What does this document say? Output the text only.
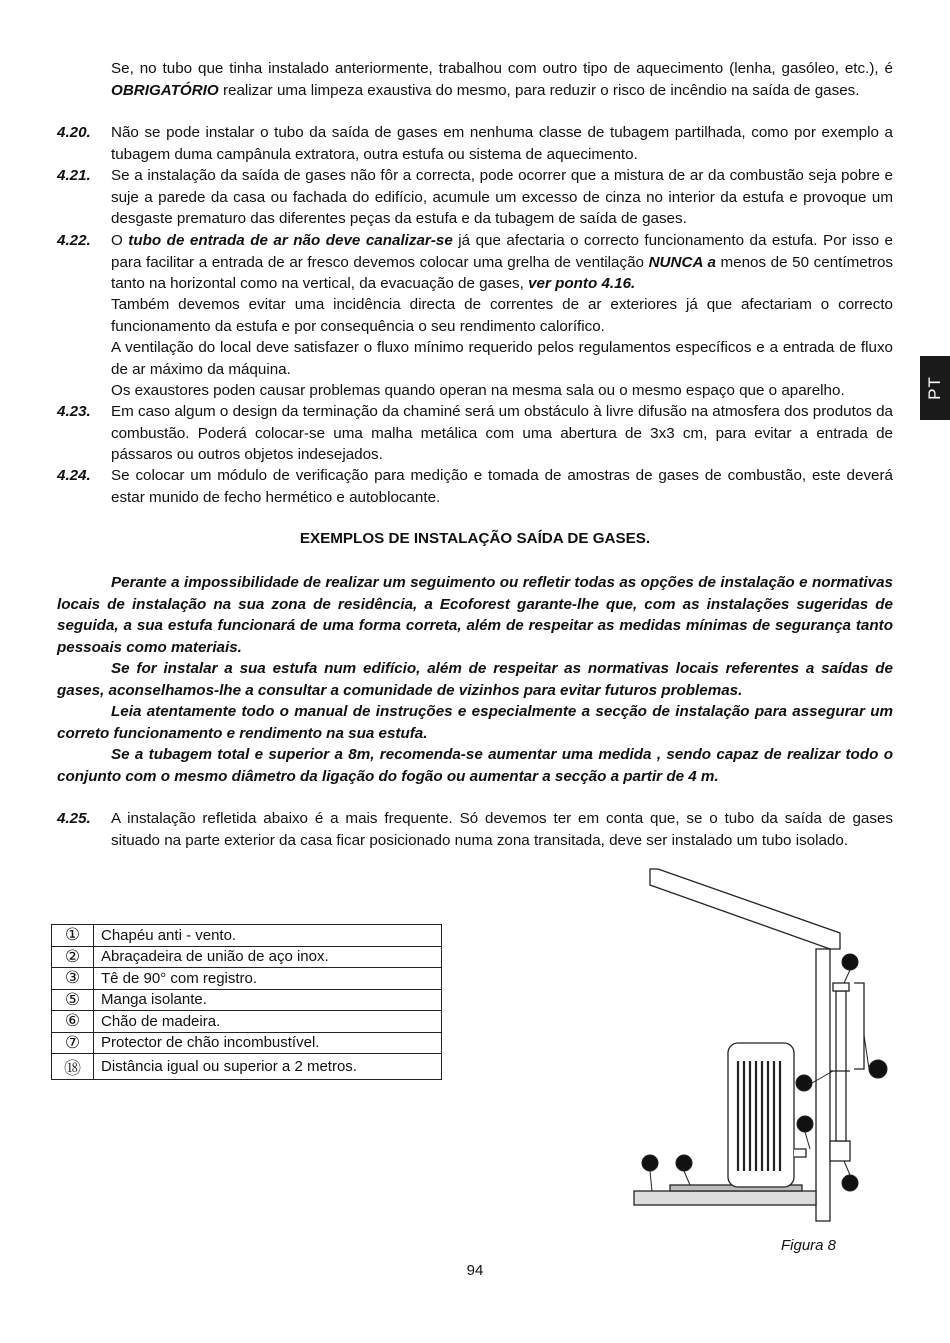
PT

Se, no tubo que tinha instalado anteriormente, trabalhou com outro tipo de aquecimento (lenha, gasóleo, etc.), é OBRIGATÓRIO realizar uma limpeza exaustiva do mesmo, para reduzir o risco de incêndio na saída de gases.

4.20. Não se pode instalar o tubo da saída de gases em nenhuma classe de tubagem partilhada, como por exemplo a tubagem duma campânula extratora, outra estufa ou sistema de aquecimento.

4.21. Se a instalação da saída de gases não fôr a correcta, pode ocorrer que a mistura de ar da combustão seja pobre e suje a parede da casa ou fachada do edifício, acumule um excesso de cinza no interior da estufa e provoque um desgaste prematuro das diferentes peças da estufa e da tubagem de saída de gases.

4.22. O tubo de entrada de ar não deve canalizar-se já que afectaria o correcto funcionamento da estufa. Por isso e para facilitar a entrada de ar fresco devemos colocar uma grelha de ventilação NUNCA a menos de 50 centímetros tanto na horizontal como na vertical, da evacuação de gases, ver ponto 4.16.

Também devemos evitar uma incidência directa de correntes de ar exteriores já que afectariam o correcto funcionamento da estufa e por consequência o seu rendimento calorífico.

A ventilação do local deve satisfazer o fluxo mínimo requerido pelos regulamentos específicos e a entrada de fluxo de ar máximo da máquina.

Os exaustores poden causar problemas quando operan na mesma sala ou o mesmo espaço que o aparelho.

4.23. Em caso algum o design da terminação da chaminé será um obstáculo à livre difusão na atmosfera dos produtos da combustão. Poderá colocar-se uma malha metálica com uma abertura de 3x3 cm, para evitar a entrada de pássaros ou outros objetos indesejados.

4.24. Se colocar um módulo de verificação para medição e tomada de amostras de gases de combustão, este deverá estar munido de fecho hermético e autoblocante.

EXEMPLOS DE INSTALAÇÃO SAÍDA DE GASES.

Perante a impossibilidade de realizar um seguimento ou refletir todas as opções de instalação e normativas locais de instalação na sua zona de residência, a Ecoforest garante-lhe que, com as instalações sugeridas de seguida, a sua estufa funcionará de uma forma correta, além de respeitar as medidas mínimas de segurança tanto pessoais como materiais.

Se for instalar a sua estufa num edifício, além de respeitar as normativas locais referentes a saídas de gases, aconselhamos-lhe a consultar a comunidade de vizinhos para evitar futuros problemas.

Leia atentamente todo o manual de instruções e especialmente a secção de instalação para assegurar um correto funcionamento e rendimento na sua estufa.

Se a tubagem total e superior a 8m, recomenda-se aumentar uma medida , sendo capaz de realizar todo o conjunto com o mesmo diâmetro da ligação do fogão ou aumentar a secção a partir de 4 m.

4.25. A instalação refletida abaixo é a mais frequente. Só devemos ter em conta que, se o tubo da saída de gases situado na parte exterior da casa ficar posicionado numa zona transitada, deve ser instalado um tubo isolado.

①	Chapéu anti - vento.
②	Abraçadeira de união de aço inox.
③	Tê de 90° com registro.
⑤	Manga isolante.
⑥	Chão de madeira.
⑦	Protector de chão incombustível.
⑱	Distância igual ou superior a 2 metros.
1
2
3
5
6	7
18
Figura 8
94
